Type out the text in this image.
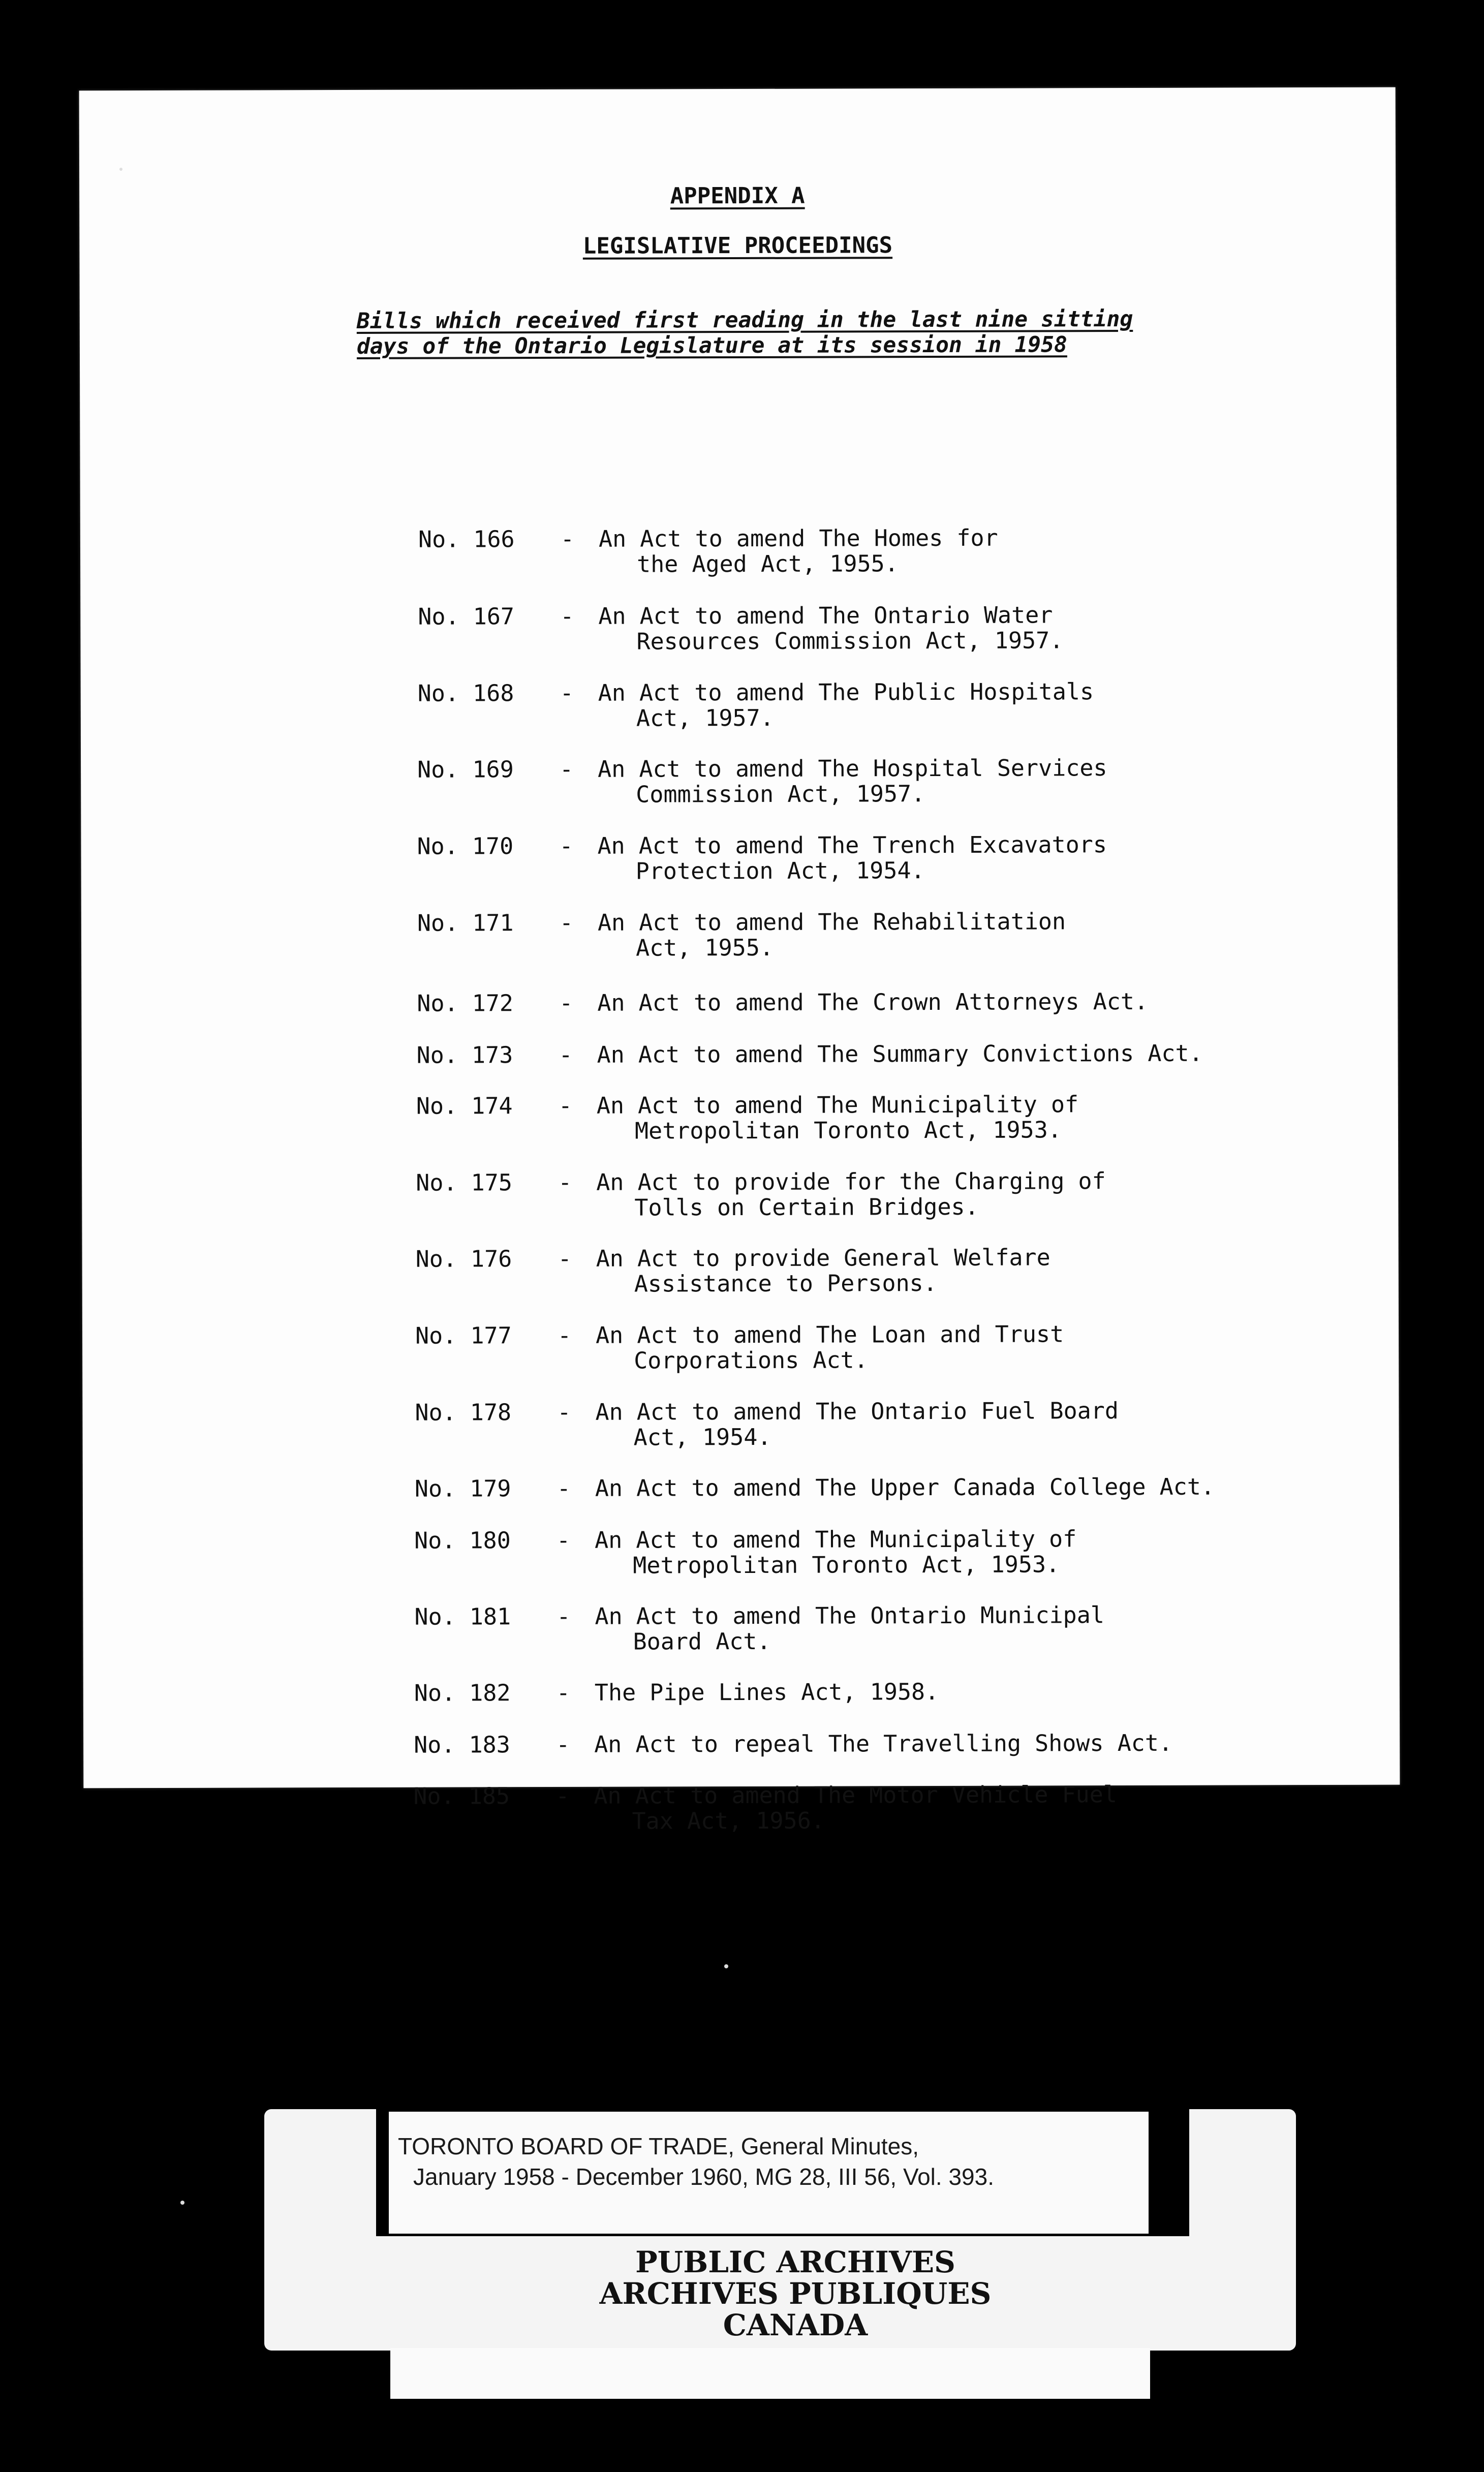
APPENDIX A
LEGISLATIVE PROCEEDINGS
Bills which received first reading in the last nine sitting
days of the Ontario Legislature at its session in 1958
No. 166 - An Act to amend The Homes for
the Aged Act, 1955.
No. 167 - An Act to amend The Ontario Water
Resources Commission Act, 1957.
No. 168 - An Act to amend The Public Hospitals
Act, 1957.
No. 169 - An Act to amend The Hospital Services
Commission Act, 1957.
No. 170 - An Act to amend The Trench Excavators
Protection Act, 1954.
No. 171 - An Act to amend The Rehabilitation
Act, 1955.
No. 172 - An Act to amend The Crown Attorneys Act.
No. 173 - An Act to amend The Summary Convictions Act.
No. 174 - An Act to amend The Municipality of
Metropolitan Toronto Act, 1953.
No. 175 - An Act to provide for the Charging of
Tolls on Certain Bridges.
No. 176 - An Act to provide General Welfare
Assistance to Persons.
No. 177 - An Act to amend The Loan and Trust
Corporations Act.
No. 178 - An Act to amend The Ontario Fuel Board
Act, 1954.
No. 179 - An Act to amend The Upper Canada College Act.
No. 180 - An Act to amend The Municipality of
Metropolitan Toronto Act, 1953.
No. 181 - An Act to amend The Ontario Municipal
Board Act.
No. 182 - The Pipe Lines Act, 1958.
No. 183 - An Act to repeal The Travelling Shows Act.
No. 185 - An Act to amend The Motor Vehicle Fuel
Tax Act, 1956.
TORONTO BOARD OF TRADE, General Minutes,
January 1958 - December 1960, MG 28, III 56, Vol. 393.
PUBLIC ARCHIVES
ARCHIVES PUBLIQUES
CANADA
